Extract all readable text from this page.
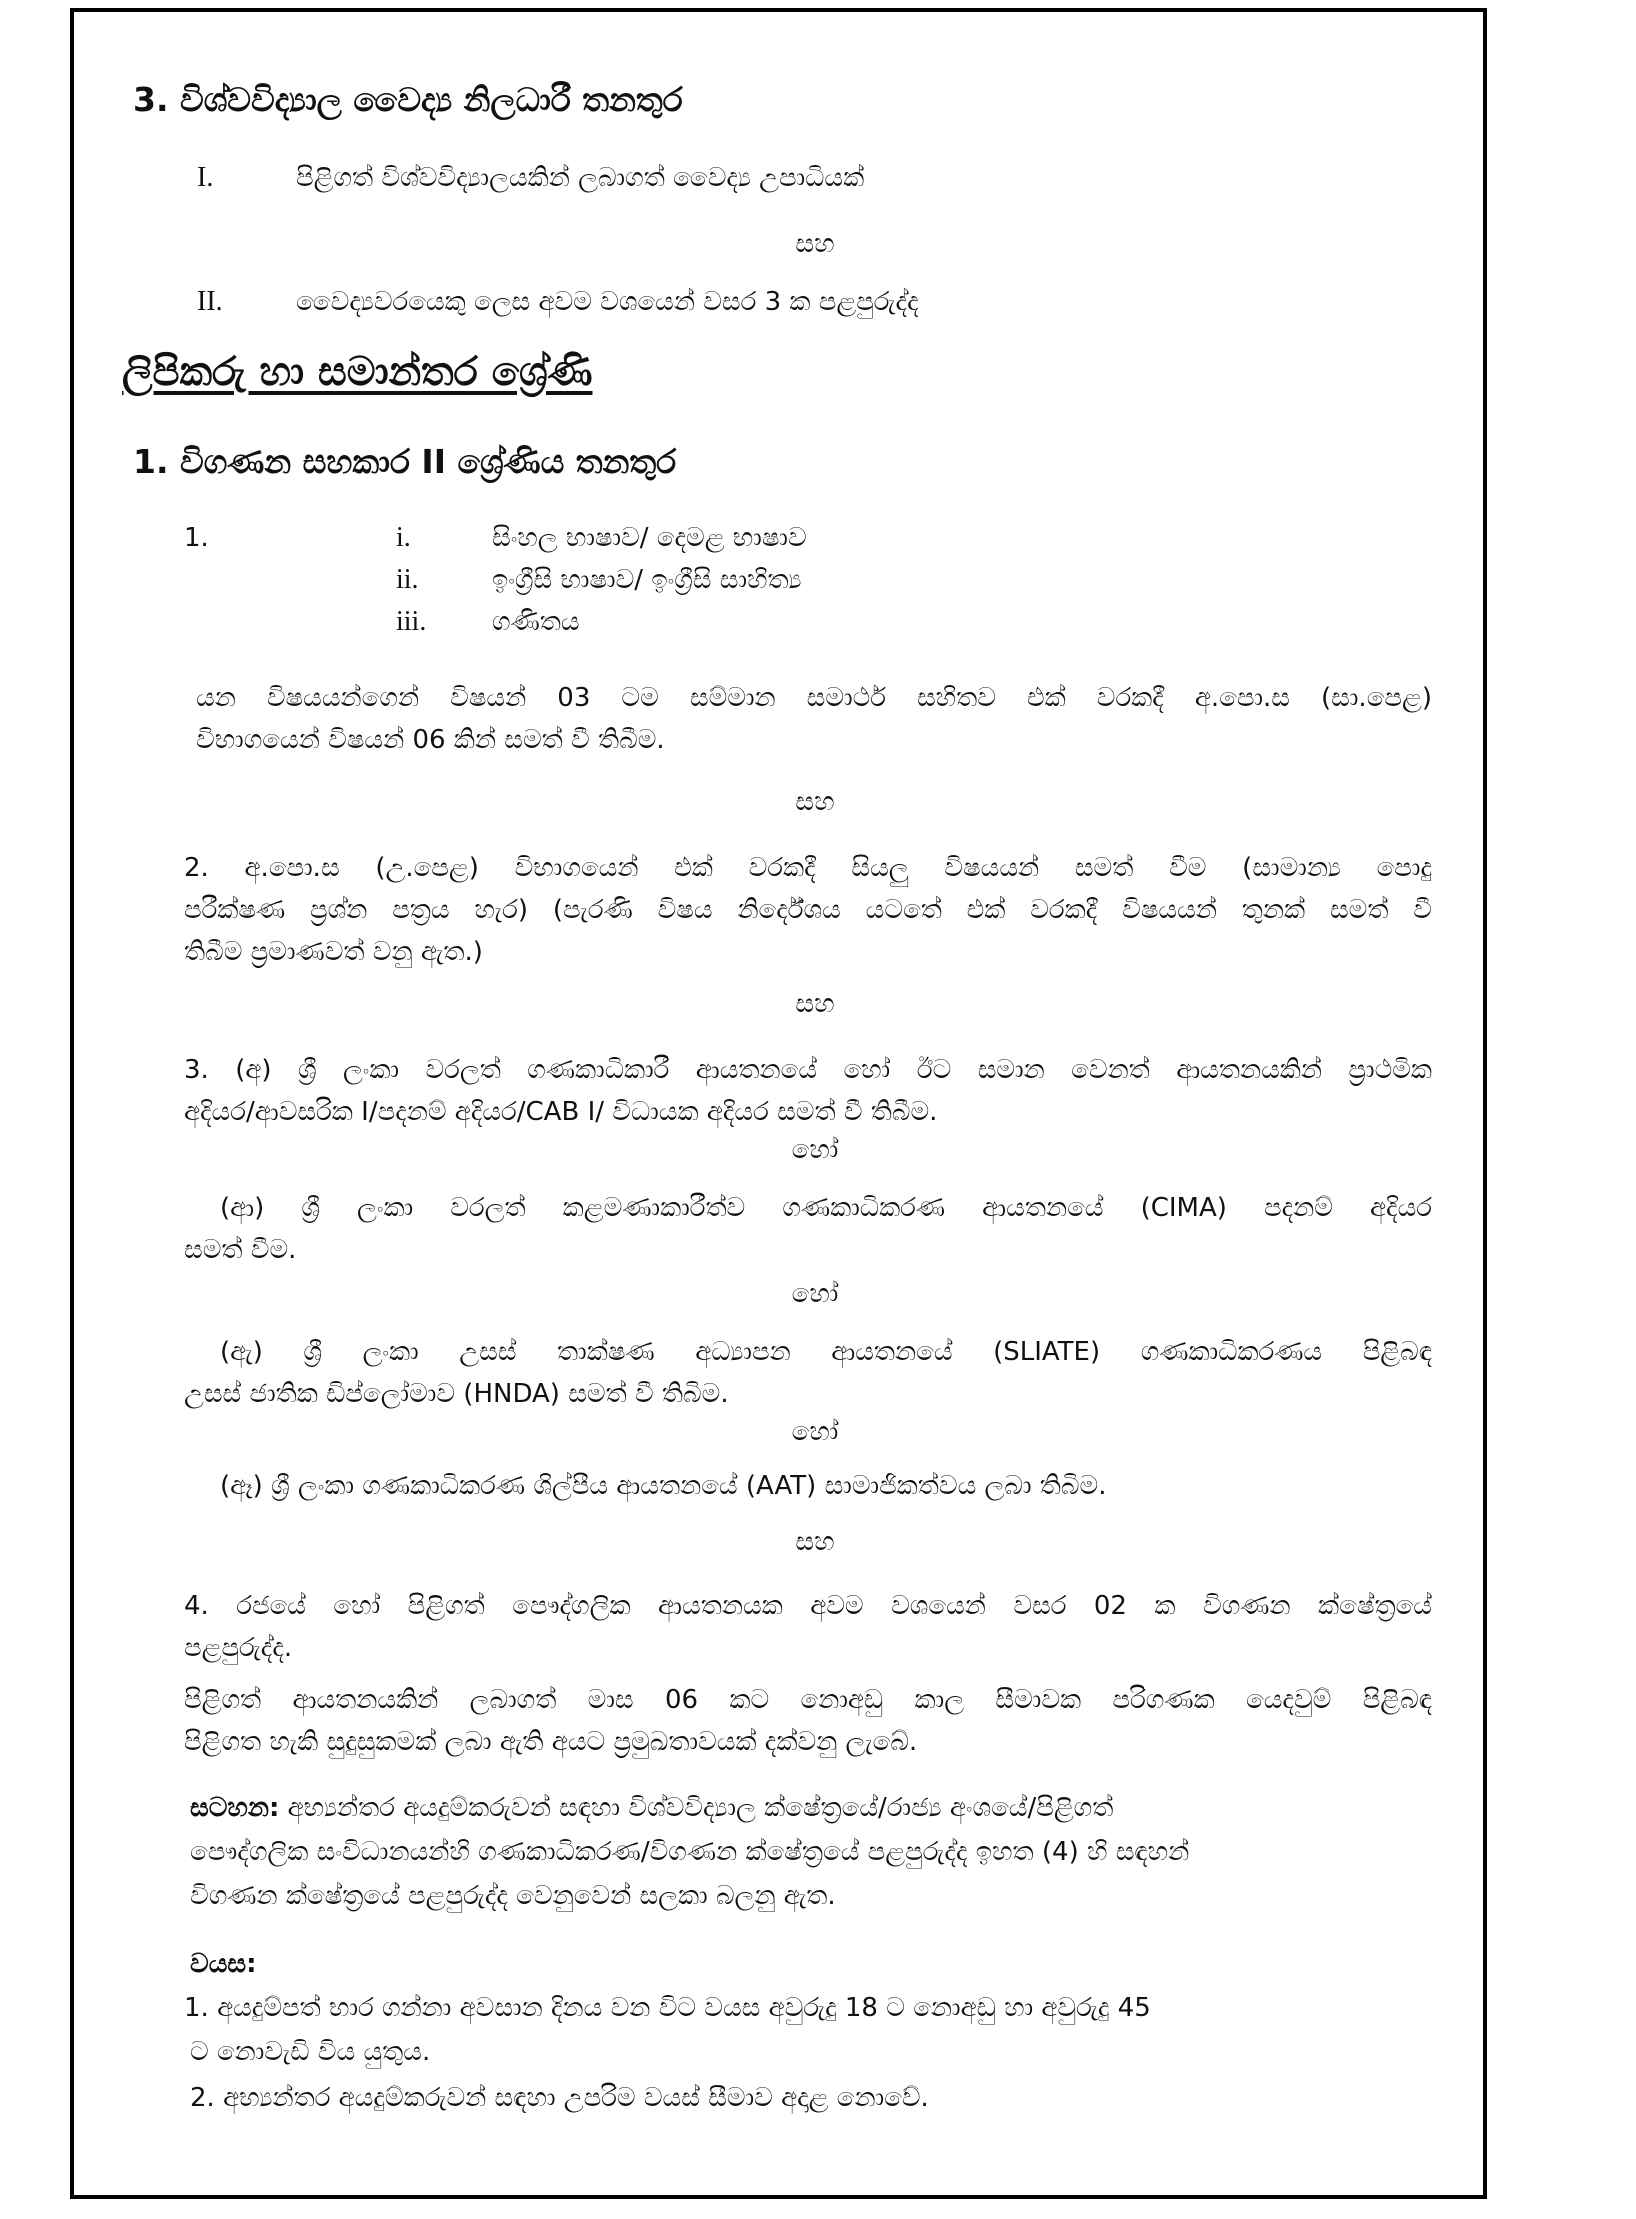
3. විශ්වවිද්‍යාල වෛද්‍ය නිලධාරී තනතුර
I.	පිළිගත් විශ්වවිද්‍යාලයකින් ලබාගත් වෛද්‍ය උපාධියක්
සහ
II.	වෛද්‍යවරයෙකු ලෙස අවම වශයෙන් වසර 3 ක පළපුරුද්ද
ලිපිකරු හා සමාන්තර ශ්‍රේණි
1. විගණන සහකාර II ශ්‍රේණිය තනතුර
1.	i.	සිංහල භාෂාව/ දෙමළ භාෂාව
ii.	ඉංග්‍රීසි භාෂාව/ ඉංග්‍රීසි සාහිත්‍ය
iii.	ගණිතය
යන විෂයයන්ගෙන් විෂයන් 03 ටම සම්මාන සමාර්ථ සහිතව එක් වරකදී අ.පො.ස (සා.පෙළ)
විභාගයෙන් විෂයන් 06 කින් සමත් වී තිබීම.
සහ
2. අ.පො.ස (උ.පෙළ) විභාගයෙන් එක් වරකදී සියලු විෂයයන් සමත් වීම (සාමාන්‍ය පොදු
පරීක්ෂණ ප්‍රශ්න පත්‍රය හැර) (පැරණි විෂය නිර්දේශය යටතේ එක් වරකදී විෂයයන් තුනක් සමත් වී
තිබීම ප්‍රමාණවත් වනු ඇත.)
සහ
3. (අ) ශ්‍රී ලංකා වරලත් ගණකාධිකාරී ආයතනයේ හෝ ඊට සමාන වෙනත් ආයතනයකින් ප්‍රාථමික
අදියර/ආවසරික I/පදනම් අදියර/CAB I/ විධායක අදියර සමත් වී තිබීම.
හෝ
(ආ) ශ්‍රී ලංකා වරලත් කළමණාකාරීත්ව ගණකාධිකරණ ආයතනයේ (CIMA) පදනම් අදියර
සමත් වීම.
හෝ
(ඇ) ශ්‍රී ලංකා උසස් තාක්ෂණ අධ්‍යාපන ආයතනයේ (SLIATE) ගණකාධිකරණය පිළිබඳ
උසස් ජාතික ඩිප්ලෝමාව (HNDA) සමත් වී තිබිම.
හෝ
(ඈ) ශ්‍රී ලංකා ගණකාධිකරණ ශිල්පීය ආයතනයේ (AAT) සාමාජිකත්වය ලබා තිබිම.
සහ
4. රජයේ හෝ පිළිගත් පෞද්ගලික ආයතනයක අවම වශයෙන් වසර 02 ක විගණන ක්ෂේත්‍රයේ
පළපුරුද්ද.
පිළිගත් ආයතනයකින් ලබාගත් මාස 06 කට නොඅඩු කාල සීමාවක පරිගණක යෙදවුම් පිළිබඳ
පිළිගත හැකි සුදුසුකමක් ලබා ඇති අයට ප්‍රමුඛතාවයක් දක්වනු ලැබේ.
සටහන: අභ්‍යන්තර අයදුම්කරුවන් සඳහා විශ්වවිද්‍යාල ක්ෂේත්‍රයේ/රාජ්‍ය අංශයේ/පිළිගත්
පෞද්ගලික සංවිධානයන්හි ගණකාධිකරණ/විගණන ක්ෂේත්‍රයේ පළපුරුද්ද ඉහත (4) හි සඳහන්
විගණන ක්ෂේත්‍රයේ පළපුරුද්ද වෙනුවෙන් සලකා බලනු ඇත.
වයස:
1. අයදුම්පත් භාර ගන්නා අවසාන දිනය වන විට වයස අවුරුදු 18 ට නොඅඩු හා අවුරුදු 45
ට නොවැඩි විය යුතුය.
2. අභ්‍යන්තර අයදුම්කරුවන් සඳහා උපරිම වයස් සීමාව අදාළ නොවේ.
